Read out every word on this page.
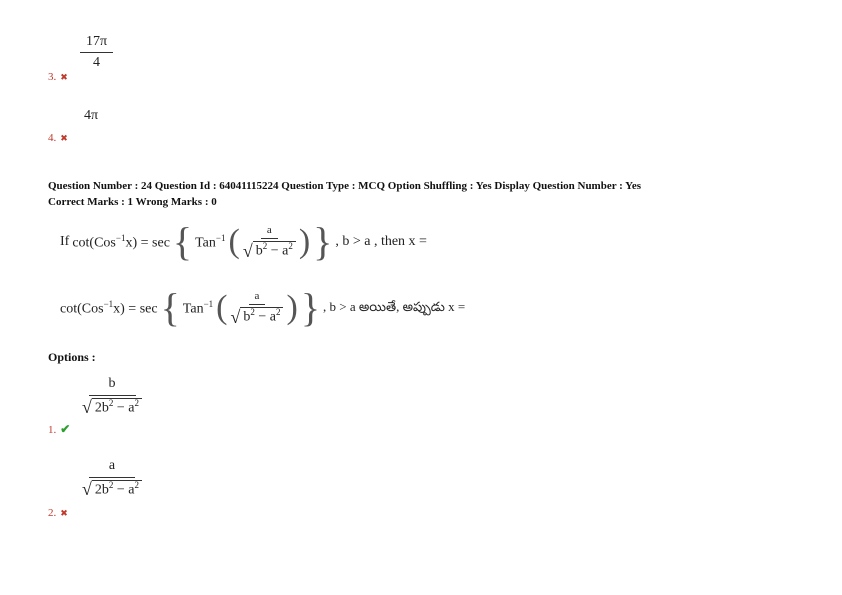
$\frac{17\pi}{4}$
3. ✖
4π
4. ✖
Question Number : 24 Question Id : 64041115224 Question Type : MCQ Option Shuffling : Yes Display Question Number : Yes
Correct Marks : 1 Wrong Marks : 0
If cot(Cos$^{-1}$x) = sec { Tan$^{-1}$ ( $\frac{a}{√ b^2 - a^2}$ ) } , b > a , then x =
cot(Cos$^{-1}$x) = sec { Tan$^{-1}$ ( $\frac{a}{√ b^2 - a^2}$ ) } , b > a అయితే, అప్పుడు x =
Options :
$\frac{b}{√ 2b^2 - a^2}$
1. ✔
$\frac{a}{√ 2b^2 - a^2}$
2. ✖
